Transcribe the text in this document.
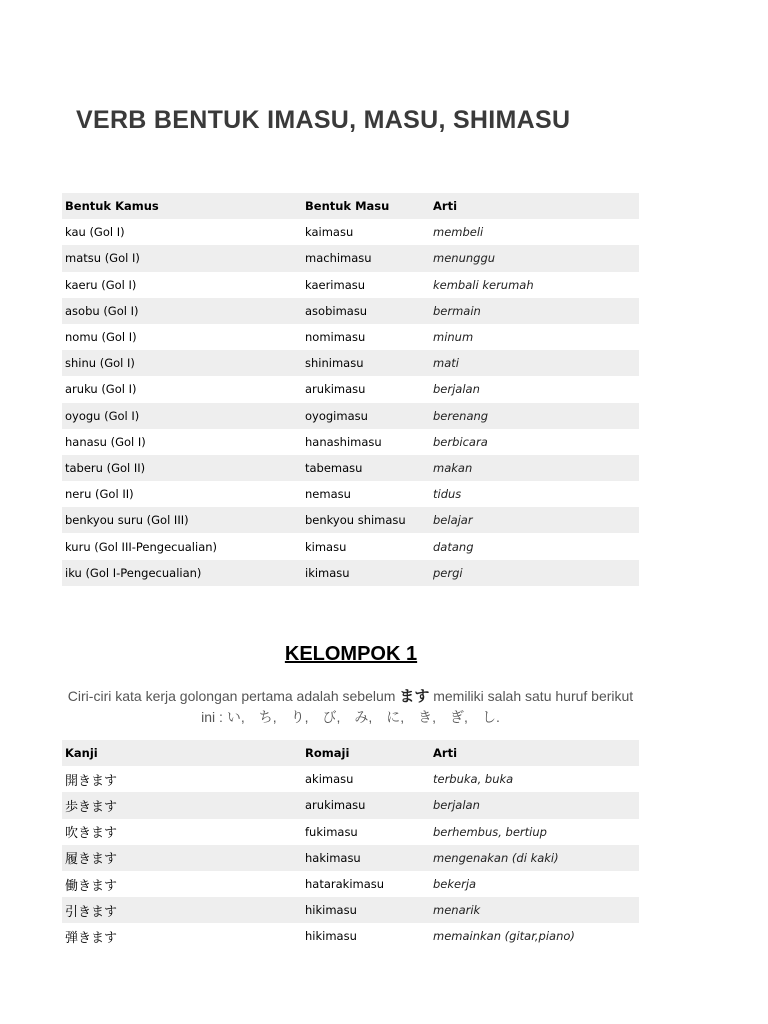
VERB BENTUK IMASU, MASU, SHIMASU
Bentuk Kamus	Bentuk Masu	Arti
kau (Gol I)	kaimasu	membeli
matsu (Gol I)	machimasu	menunggu
kaeru (Gol I)	kaerimasu	kembali kerumah
asobu (Gol I)	asobimasu	bermain
nomu (Gol I)	nomimasu	minum
shinu (Gol I)	shinimasu	mati
aruku (Gol I)	arukimasu	berjalan
oyogu (Gol I)	oyogimasu	berenang
hanasu (Gol I)	hanashimasu	berbicara
taberu (Gol II)	tabemasu	makan
neru (Gol II)	nemasu	tidus
benkyou suru (Gol III)	benkyou shimasu	belajar
kuru (Gol III-Pengecualian)	kimasu	datang
iku (Gol I-Pengecualian)	ikimasu	pergi
KELOMPOK 1

Ciri-ciri kata kerja golongan pertama adalah sebelum ます memiliki salah satu huruf berikut ini : い,　ち,　り,　び,　み,　に,　き,　ぎ,　し.

Kanji	Romaji	Arti
開きます	akimasu	terbuka, buka
歩きます	arukimasu	berjalan
吹きます	fukimasu	berhembus, bertiup
履きます	hakimasu	mengenakan (di kaki)
働きます	hatarakimasu	bekerja
引きます	hikimasu	menarik
弾きます	hikimasu	memainkan (gitar,piano)
